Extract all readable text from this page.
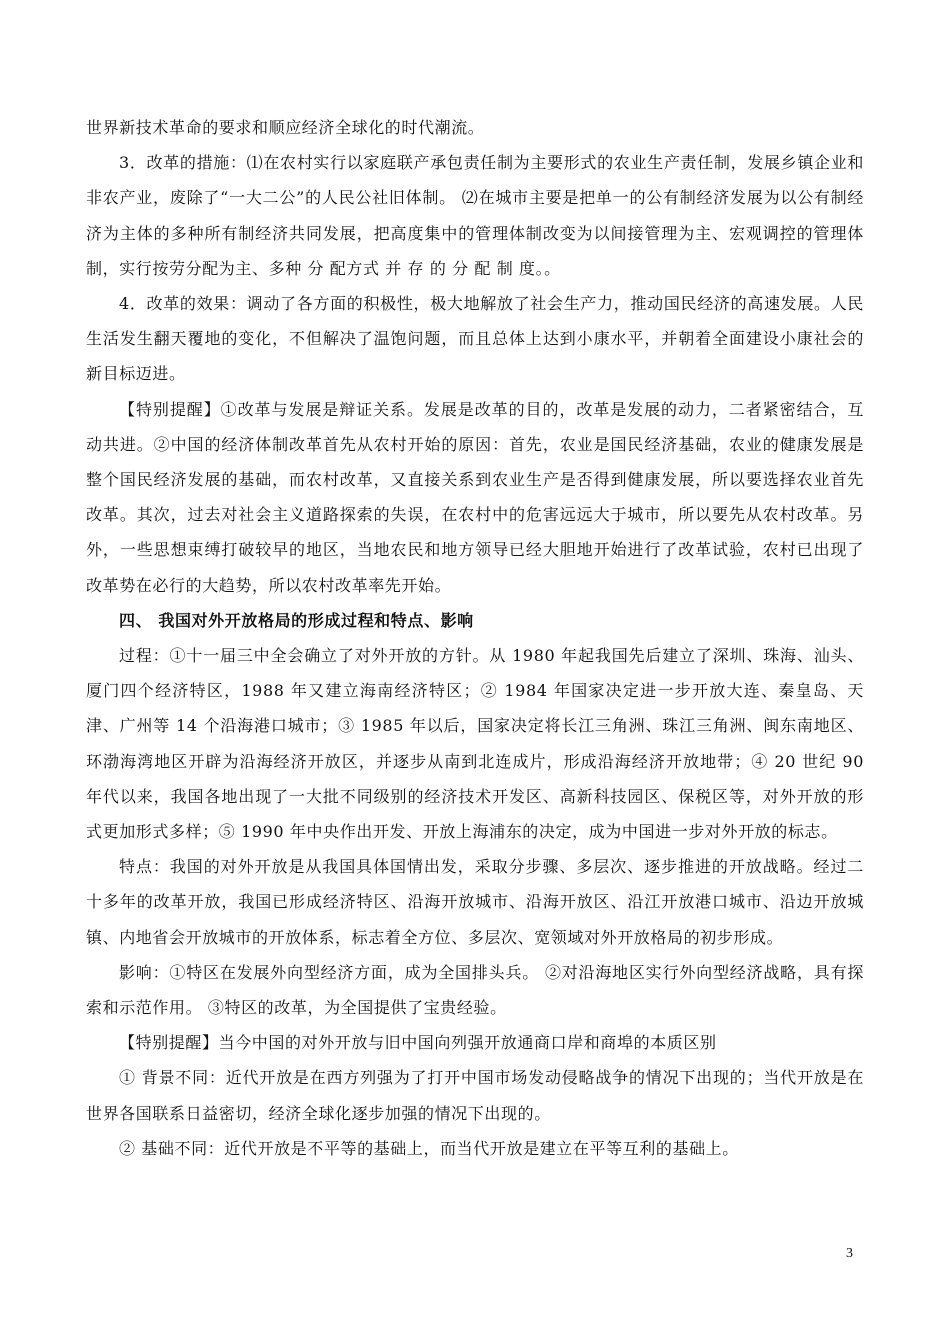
世界新技术革命的要求和顺应经济全球化的时代潮流。

3．改革的措施：⑴在农村实行以家庭联产承包责任制为主要形式的农业生产责任制，发展乡镇企业和非农产业，废除了“一大二公”的人民公社旧体制。 ⑵在城市主要是把单一的公有制经济发展为以公有制经济为主体的多种所有制经济共同发展，把高度集中的管理体制改变为以间接管理为主、宏观调控的管理体制，实行按劳分配为主、多种 分 配方式 并 存 的 分 配 制 度。。

4．改革的效果：调动了各方面的积极性，极大地解放了社会生产力，推动国民经济的高速发展。人民生活发生翻天覆地的变化，不但解决了温饱问题，而且总体上达到小康水平，并朝着全面建设小康社会的新目标迈进。

【特别提醒】①改革与发展是辩证关系。发展是改革的目的，改革是发展的动力，二者紧密结合，互动共进。②中国的经济体制改革首先从农村开始的原因：首先，农业是国民经济基础，农业的健康发展是整个国民经济发展的基础，而农村改革，又直接关系到农业生产是否得到健康发展，所以要选择农业首先改革。其次，过去对社会主义道路探索的失误，在农村中的危害远远大于城市，所以要先从农村改革。另外，一些思想束缚打破较早的地区，当地农民和地方领导已经大胆地开始进行了改革试验，农村已出现了改革势在必行的大趋势，所以农村改革率先开始。

四、 我国对外开放格局的形成过程和特点、影响

过程：①十一届三中全会确立了对外开放的方针。从 1980 年起我国先后建立了深圳、珠海、汕头、厦门四个经济特区，1988 年又建立海南经济特区；② 1984 年国家决定进一步开放大连、秦皇岛、天津、广州等 14 个沿海港口城市；③ 1985 年以后，国家决定将长江三角洲、珠江三角洲、闽东南地区、环渤海湾地区开辟为沿海经济开放区，并逐步从南到北连成片，形成沿海经济开放地带；④ 20 世纪 90 年代以来，我国各地出现了一大批不同级别的经济技术开发区、高新科技园区、保税区等，对外开放的形式更加形式多样；⑤ 1990 年中央作出开发、开放上海浦东的决定，成为中国进一步对外开放的标志。

特点：我国的对外开放是从我国具体国情出发，采取分步骤、多层次、逐步推进的开放战略。经过二十多年的改革开放，我国已形成经济特区、沿海开放城市、沿海开放区、沿江开放港口城市、沿边开放城镇、内地省会开放城市的开放体系，标志着全方位、多层次、宽领域对外开放格局的初步形成。

影响：①特区在发展外向型经济方面，成为全国排头兵。 ②对沿海地区实行外向型经济战略，具有探索和示范作用。 ③特区的改革，为全国提供了宝贵经验。

【特别提醒】当今中国的对外开放与旧中国向列强开放通商口岸和商埠的本质区别

① 背景不同：近代开放是在西方列强为了打开中国市场发动侵略战争的情况下出现的；当代开放是在世界各国联系日益密切，经济全球化逐步加强的情况下出现的。

② 基础不同：近代开放是不平等的基础上，而当代开放是建立在平等互利的基础上。

3
